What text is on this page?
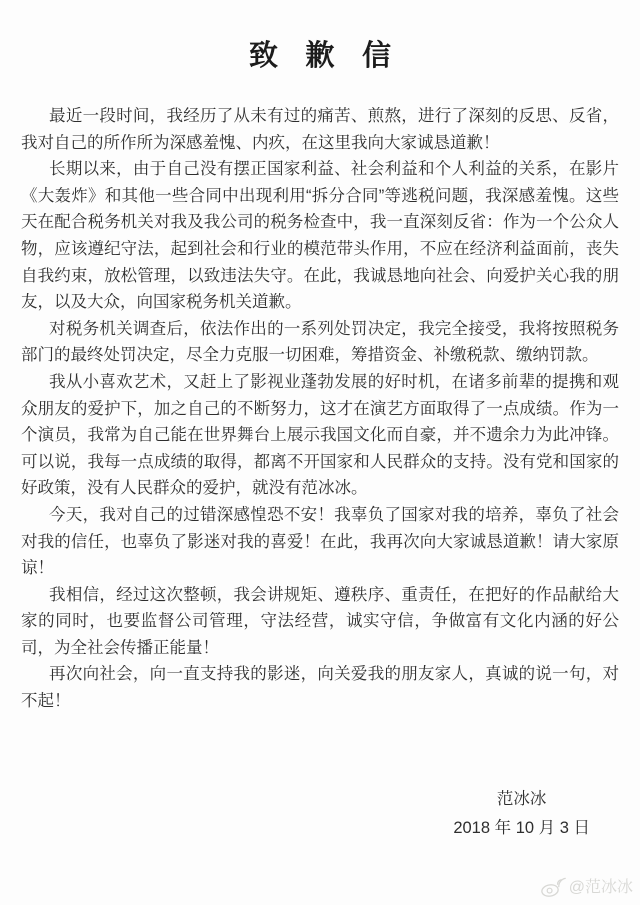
致歉信

最近一段时间，我经历了从未有过的痛苦、煎熬，进行了深刻的反思、反省，我对自己的所作所为深感羞愧、内疚，在这里我向大家诚恳道歉！

长期以来，由于自己没有摆正国家利益、社会利益和个人利益的关系，在影片《大轰炸》和其他一些合同中出现利用“拆分合同”等逃税问题，我深感羞愧。这些天在配合税务机关对我及我公司的税务检查中，我一直深刻反省：作为一个公众人物，应该遵纪守法，起到社会和行业的模范带头作用，不应在经济利益面前，丧失自我约束，放松管理，以致违法失守。在此，我诚恳地向社会、向爱护关心我的朋友，以及大众，向国家税务机关道歉。

对税务机关调查后，依法作出的一系列处罚决定，我完全接受，我将按照税务部门的最终处罚决定，尽全力克服一切困难，筹措资金、补缴税款、缴纳罚款。

我从小喜欢艺术，又赶上了影视业蓬勃发展的好时机，在诸多前辈的提携和观众朋友的爱护下，加之自己的不断努力，这才在演艺方面取得了一点成绩。作为一个演员，我常为自己能在世界舞台上展示我国文化而自豪，并不遗余力为此冲锋。可以说，我每一点成绩的取得，都离不开国家和人民群众的支持。没有党和国家的好政策，没有人民群众的爱护，就没有范冰冰。

今天，我对自己的过错深感惶恐不安！我辜负了国家对我的培养，辜负了社会对我的信任，也辜负了影迷对我的喜爱！在此，我再次向大家诚恳道歉！请大家原谅！

我相信，经过这次整顿，我会讲规矩、遵秩序、重责任，在把好的作品献给大家的同时，也要监督公司管理，守法经营，诚实守信，争做富有文化内涵的好公司，为全社会传播正能量！

再次向社会，向一直支持我的影迷，向关爱我的朋友家人，真诚的说一句，对不起！

范冰冰
2018 年 10 月 3 日
@范冰冰
